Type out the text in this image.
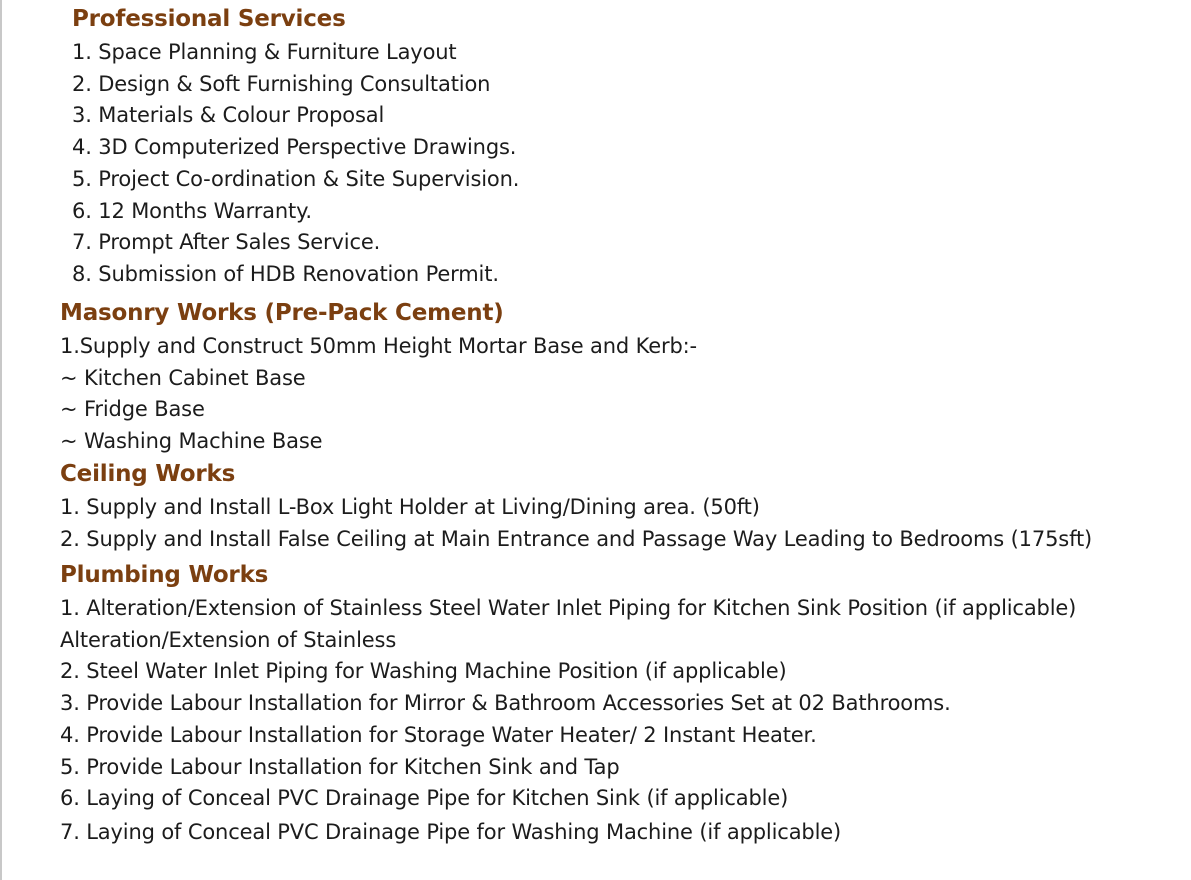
Professional Services
1. Space Planning & Furniture Layout
2. Design & Soft Furnishing Consultation
3. Materials & Colour Proposal
4. 3D Computerized Perspective Drawings.
5. Project Co-ordination & Site Supervision.
6. 12 Months Warranty.
7. Prompt After Sales Service.
8. Submission of HDB Renovation Permit.
Masonry Works (Pre-Pack Cement)
1.Supply and Construct 50mm Height Mortar Base and Kerb:-
~ Kitchen Cabinet Base
~ Fridge Base
~ Washing Machine Base
Ceiling Works
1. Supply and Install L-Box Light Holder at Living/Dining area. (50ft)
2. Supply and Install False Ceiling at Main Entrance and Passage Way Leading to Bedrooms (175sft)
Plumbing Works
1. Alteration/Extension of Stainless Steel Water Inlet Piping for Kitchen Sink Position (if applicable)
Alteration/Extension of Stainless
2. Steel Water Inlet Piping for Washing Machine Position (if applicable)
3. Provide Labour Installation for Mirror & Bathroom Accessories Set at 02 Bathrooms.
4. Provide Labour Installation for Storage Water Heater/ 2 Instant Heater.
5. Provide Labour Installation for Kitchen Sink and Tap
6. Laying of Conceal PVC Drainage Pipe for Kitchen Sink (if applicable)
7. Laying of Conceal PVC Drainage Pipe for Washing Machine (if applicable)
